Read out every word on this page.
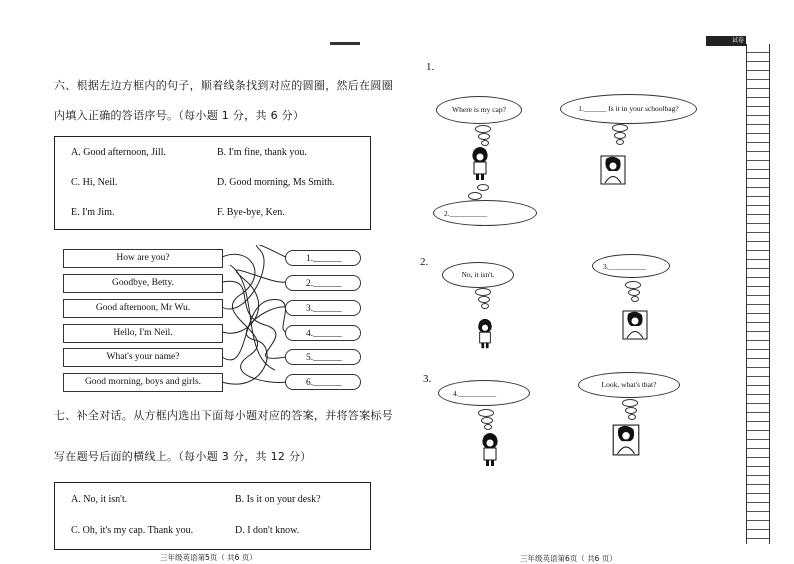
六、根据左边方框内的句子，顺着线条找到对应的圆圈，然后在圆圈
内填入正确的答语序号。（每小题 1 分，共 6 分）
A. Good afternoon, Jill.	B. I'm fine, thank you.
C. Hi, Neil.	D. Good morning, Ms Smith.
E. I'm Jim.	F. Bye-bye, Ken.
How are you?
Goodbye, Betty.
Good afternoon, Mr Wu.
Hello, I'm Neil.
What's your name?
Good morning, boys and girls.
1.______
2.______
3.______
4.______
5.______
6.______
七、补全对话。从方框内选出下面每小题对应的答案，并将答案标号
写在题号后面的横线上。（每小题 3 分，共 12 分）
A. No, it isn't.	B. Is it on your desk?
C. Oh, it's my cap. Thank you.	D. I don't know.
三年级英语第5页（ 共6 页）
试卷
1.
Where is my cap?	1.______ Is it in your schoolbag?
2.__________
2.
No, it isn't.
3.__________
3.
4.__________
Look, what's that?
三年级英语第6页（ 共6 页）
